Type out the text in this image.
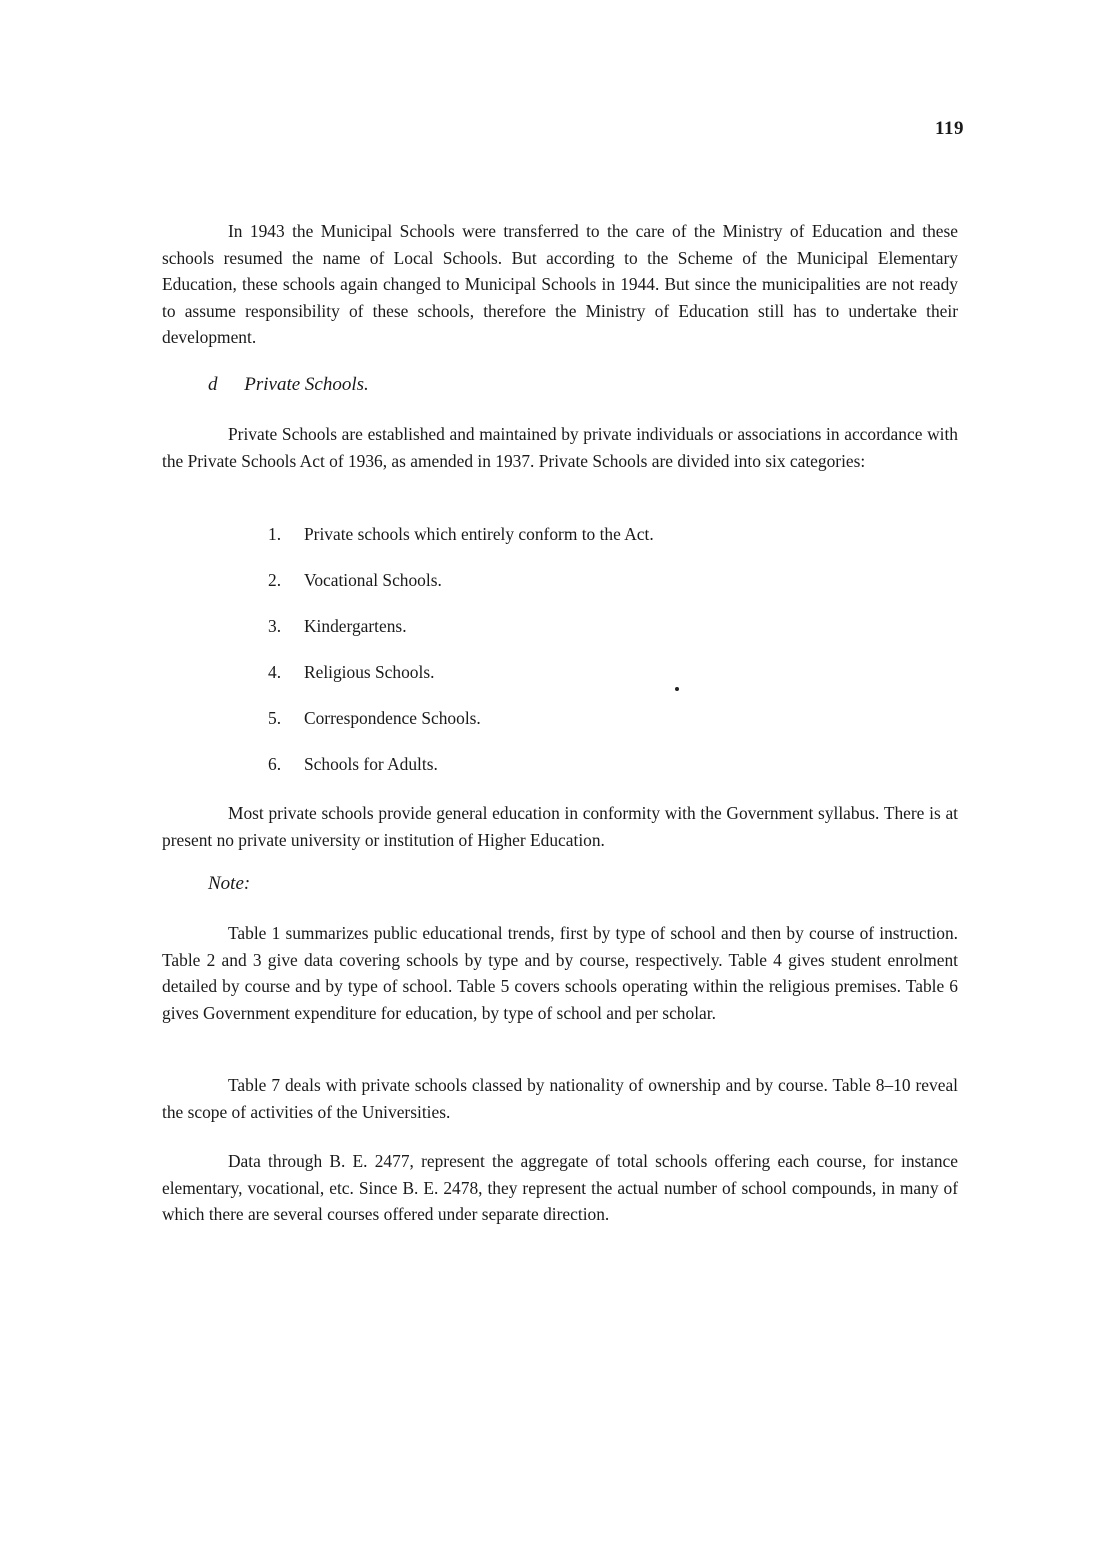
119

In 1943 the Municipal Schools were transferred to the care of the Ministry of Education and these schools resumed the name of Local Schools. But according to the Scheme of the Municipal Elementary Education, these schools again changed to Municipal Schools in 1944. But since the municipalities are not ready to assume responsibility of these schools, therefore the Ministry of Education still has to undertake their development.

d Private Schools.

Private Schools are established and maintained by private individuals or associations in accordance with the Private Schools Act of 1936, as amended in 1937. Private Schools are divided into six categories:

1. Private schools which entirely conform to the Act.
2. Vocational Schools.
3. Kindergartens.
4. Religious Schools.
5. Correspondence Schools.
6. Schools for Adults.

Most private schools provide general education in conformity with the Government syllabus. There is at present no private university or institution of Higher Education.

Note:

Table 1 summarizes public educational trends, first by type of school and then by course of instruction. Table 2 and 3 give data covering schools by type and by course, respectively. Table 4 gives student enrolment detailed by course and by type of school. Table 5 covers schools operating within the religious premises. Table 6 gives Government expenditure for education, by type of school and per scholar.

Table 7 deals with private schools classed by nationality of ownership and by course. Table 8–10 reveal the scope of activities of the Universities.

Data through B. E. 2477, represent the aggregate of total schools offering each course, for instance elementary, vocational, etc. Since B. E. 2478, they represent the actual number of school compounds, in many of which there are several courses offered under separate direction.
